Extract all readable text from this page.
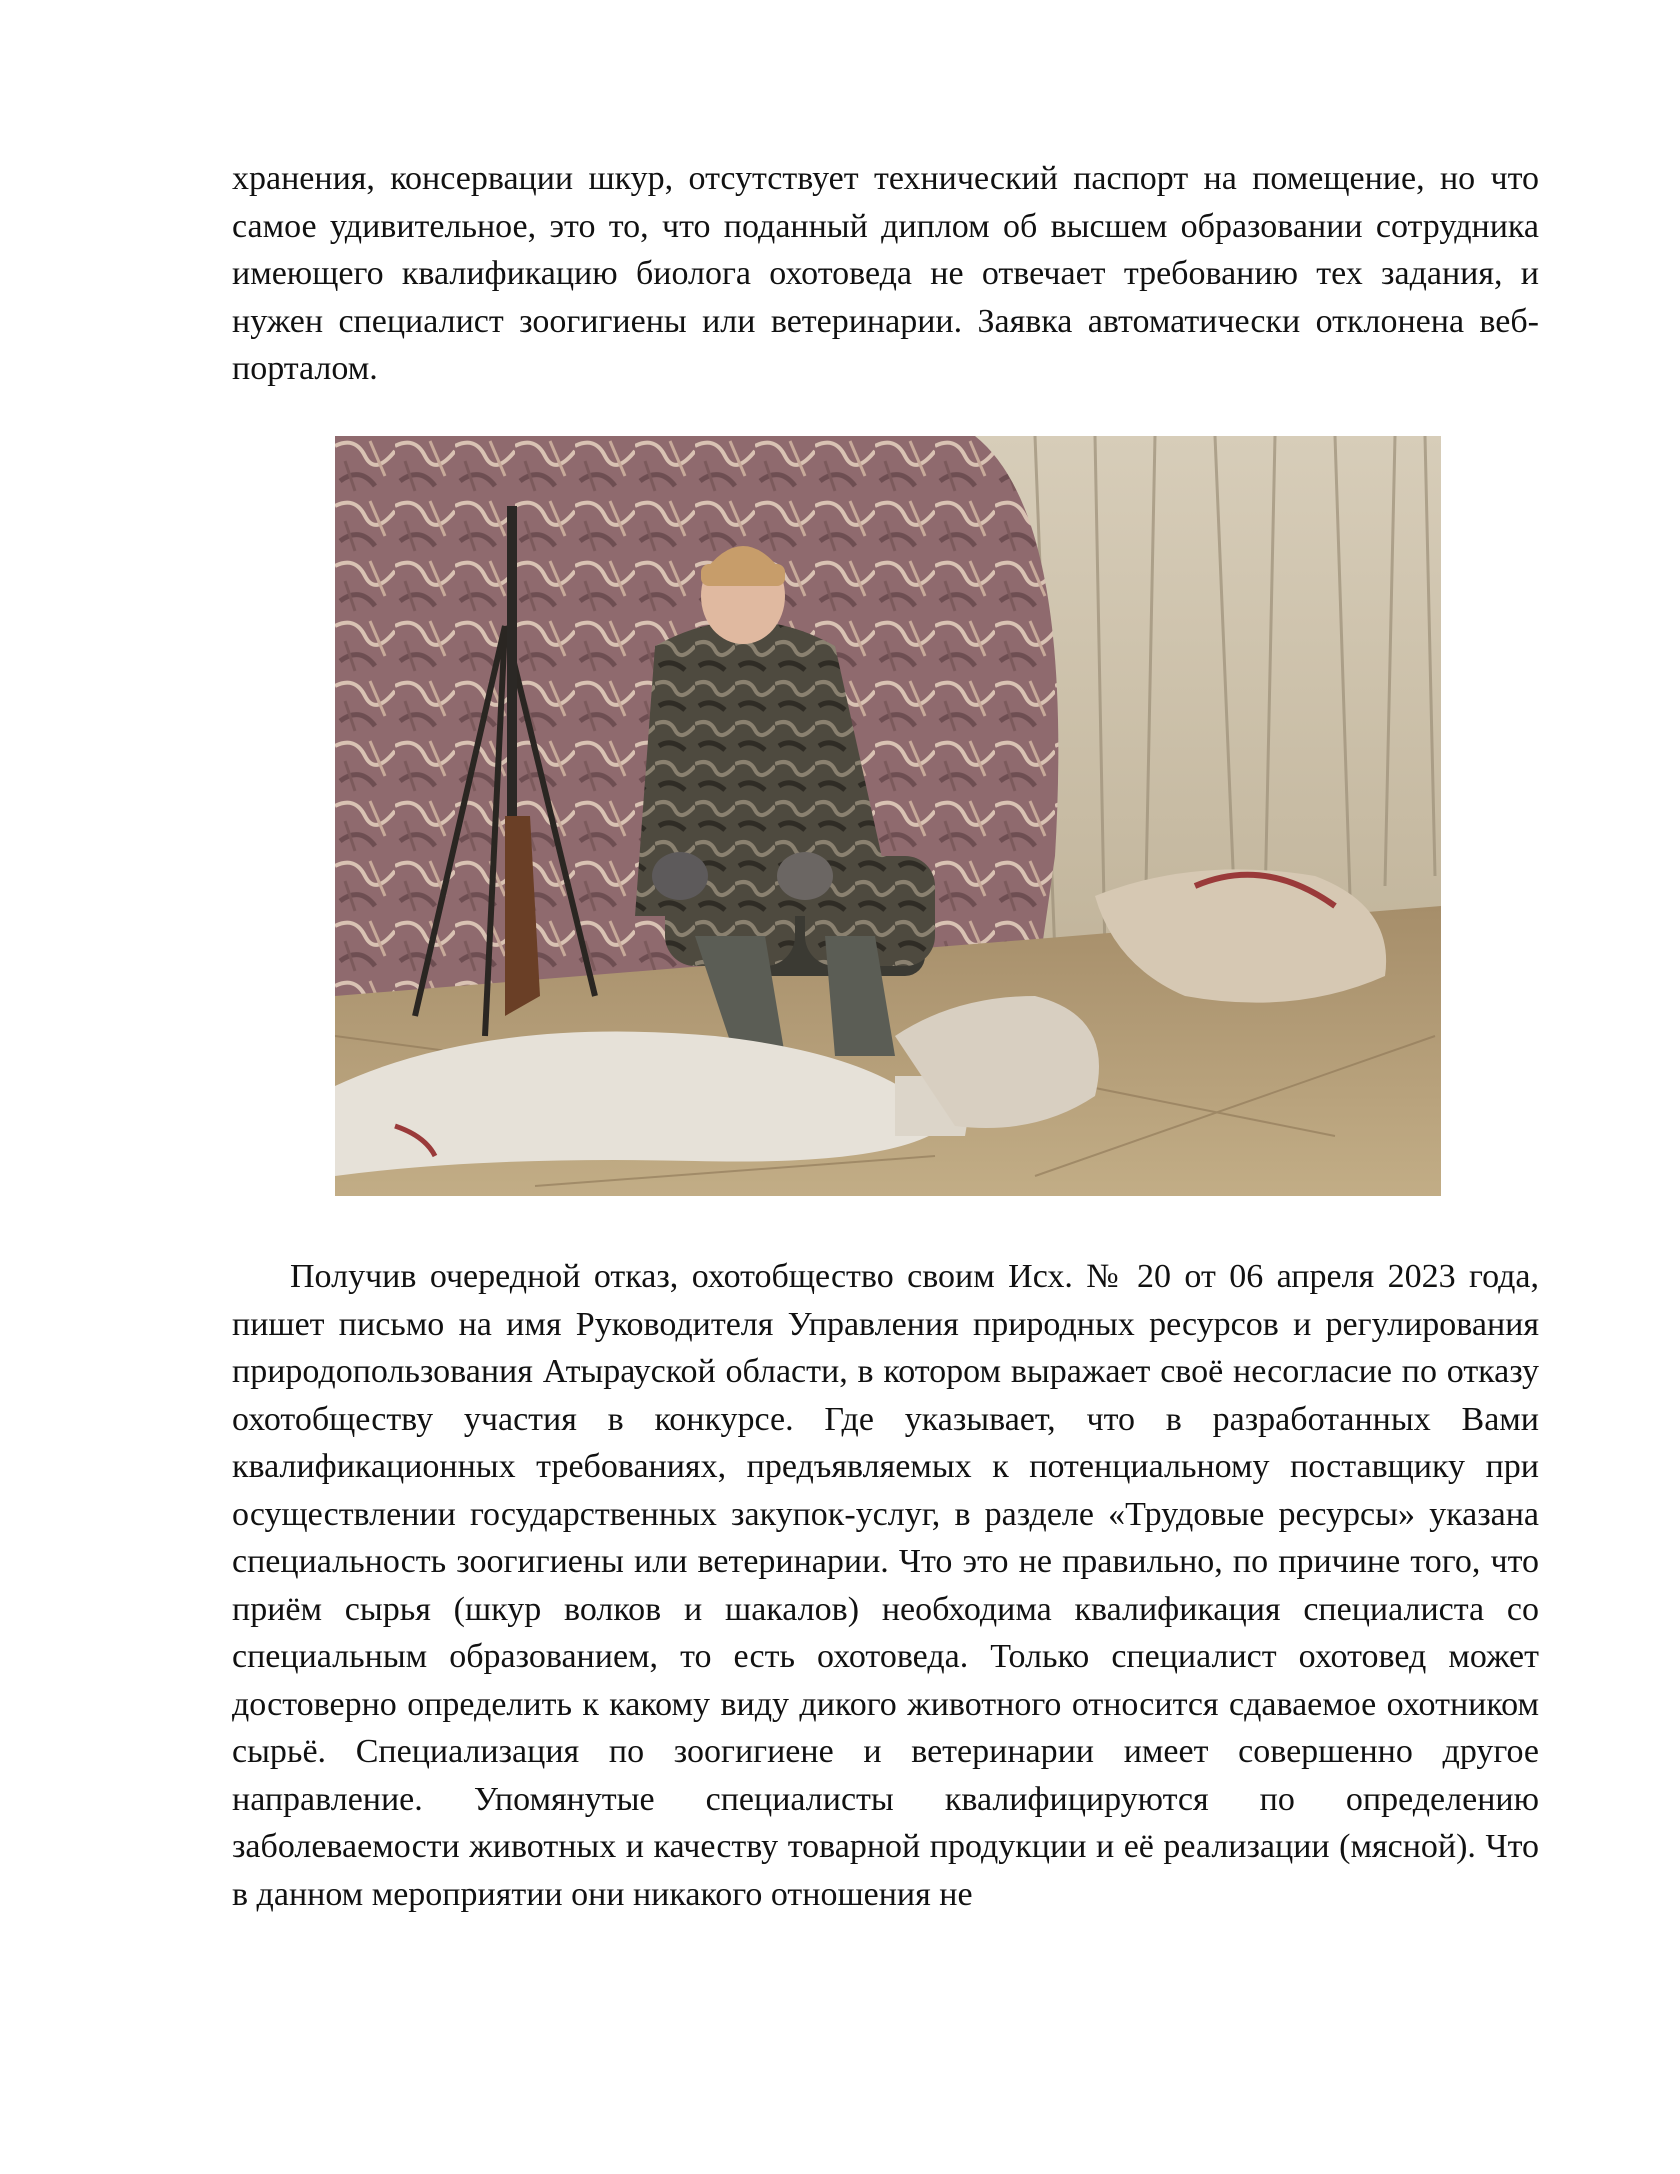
хранения, консервации шкур, отсутствует технический паспорт на помещение, но что самое удивительное, это то, что поданный диплом об высшем образовании сотрудника имеющего квалификацию биолога охотоведа не отвечает требованию тех задания, и нужен специалист зоогигиены или ветеринарии. Заявка автоматически отклонена веб-порталом.

Получив очередной отказ, охотобщество своим Исх. № 20 от 06 апреля 2023 года, пишет письмо на имя Руководителя Управления природных ресурсов и регулирования природопользования Атырауской области, в котором выражает своё несогласие по отказу охотобществу участия в конкурсе. Где указывает, что в разработанных Вами квалификационных требованиях, предъявляемых к потенциальному поставщику при осуществлении государственных закупок-услуг, в разделе «Трудовые ресурсы» указана специальность зоогигиены или ветеринарии. Что это не правильно, по причине того, что приём сырья (шкур волков и шакалов) необходима квалификация специалиста со специальным образованием, то есть охотоведа. Только специалист охотовед может достоверно определить к какому виду дикого животного относится сдаваемое охотником сырьё. Специализация по зоогигиене и ветеринарии имеет совершенно другое направление. Упомянутые специалисты квалифицируются по определению заболеваемости животных и качеству товарной продукции и её реализации (мясной). Что в данном мероприятии они никакого отношения не
